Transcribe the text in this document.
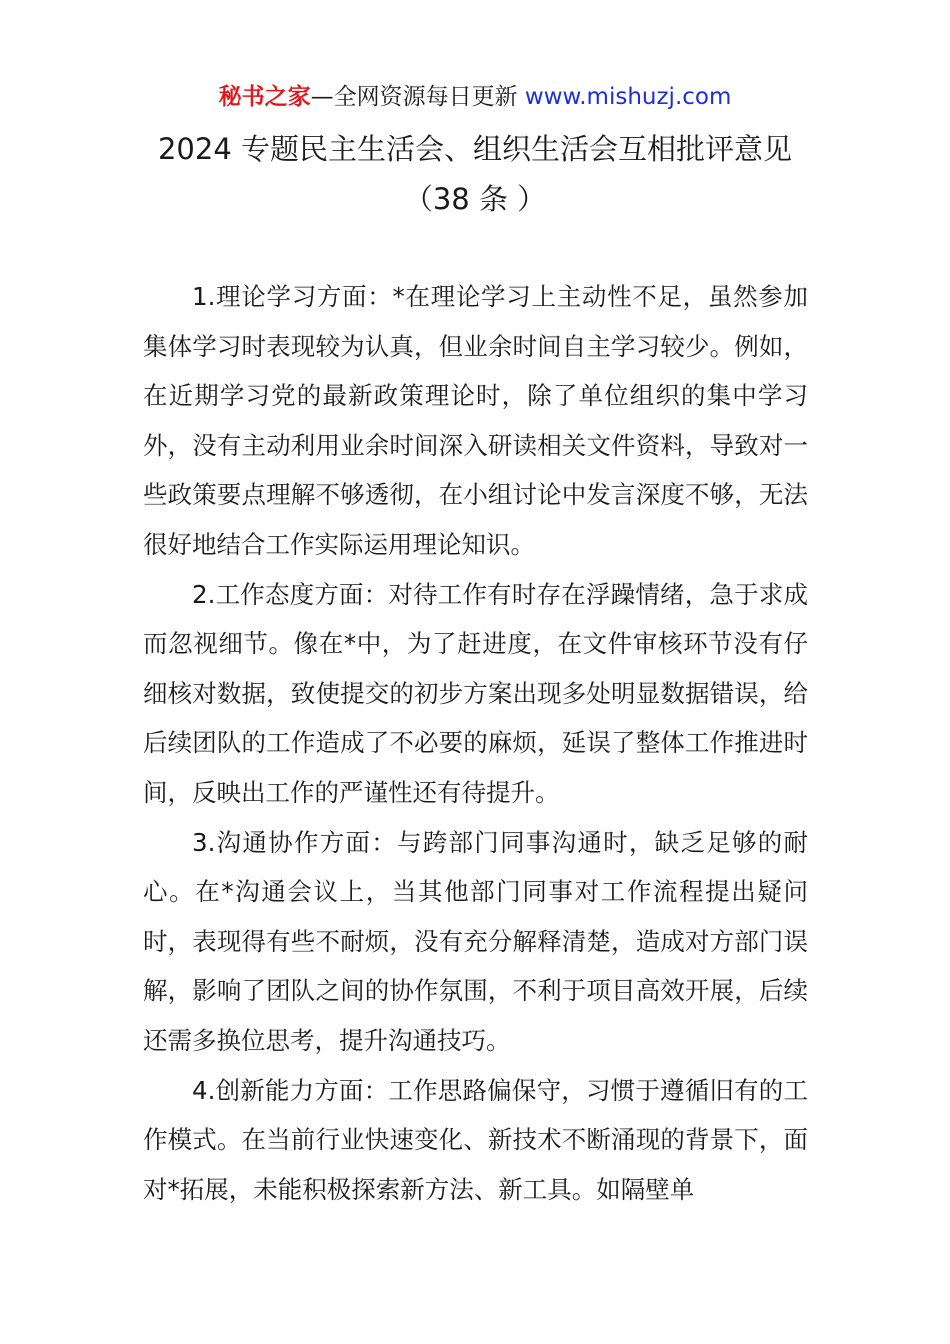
秘书之家—全网资源每日更新 www.mishuzj.com
2024 专题民主生活会、组织生活会互相批评意见（38 条 ）

1.理论学习方面：*在理论学习上主动性不足，虽然参加集体学习时表现较为认真，但业余时间自主学习较少。例如，在近期学习党的最新政策理论时，除了单位组织的集中学习外，没有主动利用业余时间深入研读相关文件资料，导致对一些政策要点理解不够透彻，在小组讨论中发言深度不够，无法很好地结合工作实际运用理论知识。

2.工作态度方面：对待工作有时存在浮躁情绪，急于求成而忽视细节。像在*中，为了赶进度，在文件审核环节没有仔细核对数据，致使提交的初步方案出现多处明显数据错误，给后续团队的工作造成了不必要的麻烦，延误了整体工作推进时间，反映出工作的严谨性还有待提升。

3.沟通协作方面：与跨部门同事沟通时，缺乏足够的耐心。在*沟通会议上，当其他部门同事对工作流程提出疑问时，表现得有些不耐烦，没有充分解释清楚，造成对方部门误解，影响了团队之间的协作氛围，不利于项目高效开展，后续还需多换位思考，提升沟通技巧。

4.创新能力方面：工作思路偏保守，习惯于遵循旧有的工作模式。在当前行业快速变化、新技术不断涌现的背景下，面对*拓展，未能积极探索新方法、新工具。如隔壁单
